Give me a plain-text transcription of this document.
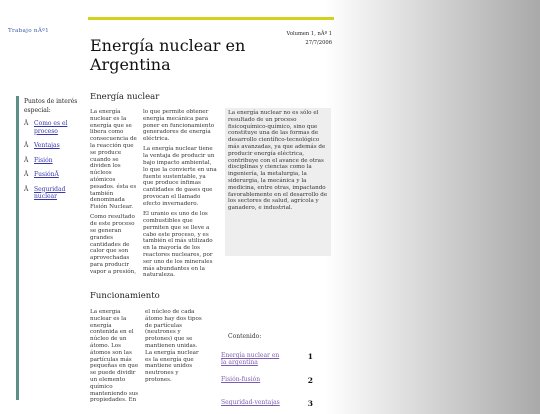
Trabajo nÂº1
Puntos de interés especial:
Â Como es el proceso
Â Ventajas
Â Fisión
Â FusiónÂ
Â Seguridad nuclear
Volumen 1, nÂº 1
27/7/2006
Energía nuclear en Argentina
Energía nuclear

La energía nuclear es la energía que se libera como consecuencia de la reacción que se produce cuando se dividen los núcleos atómicos pesados. ésta es también denominada Fisión Nuclear.

Como resultado de este proceso se generan grandes cantidades de calor que son aprovechadas para producir vapor a presión,

lo que permite obtener energía mecánica para poner en funcionamiento generadores de energía eléctrica.

La energía nuclear tiene la ventaja de producir un bajo impacto ambiental, lo que la convierte en una fuente sustentable, ya que produce ínfimas cantidades de gases que provocan el llamado efecto invernadero.

El uranio es uno de los combustibles que permiten que se lleve a cabo este proceso, y es también el más utilizado en la mayoría de los reactores nucleares, por ser uno de los minerales más abundantes en la naturaleza.

La energía nuclear no es sólo el resultado de un proceso fisicoquímico-químico, sino que constituye una de las formas de desarrollo científico-tecnológico más avanzadas, ya que además de producir energía eléctrica, contribuye con el avance de otras disciplinas y ciencias como la ingeniería, la metalurgia, la siderurgia, la mecánica y la medicina, entre otras, impactando favorablemente en el desarrollo de los sectores de salud, agrícola y ganadero, e industrial.

Funcionamiento

La energía nuclear es la energía contenida en el núcleo de un átomo. Los átomos son las partículas más pequeñas en que se puede dividir un elemento químico manteniendo sus propiedades. En

el núcleo de cada átomo hay dos tipos de partículas (neutrones y protones) que se mantienen unidas. La energía nuclear es la energía que mantiene unidos neutrones y protones.

Contenido:
Energía nuclear en la argentina
1
Fisión-fusión	2
Seguridad-ventajas	3
